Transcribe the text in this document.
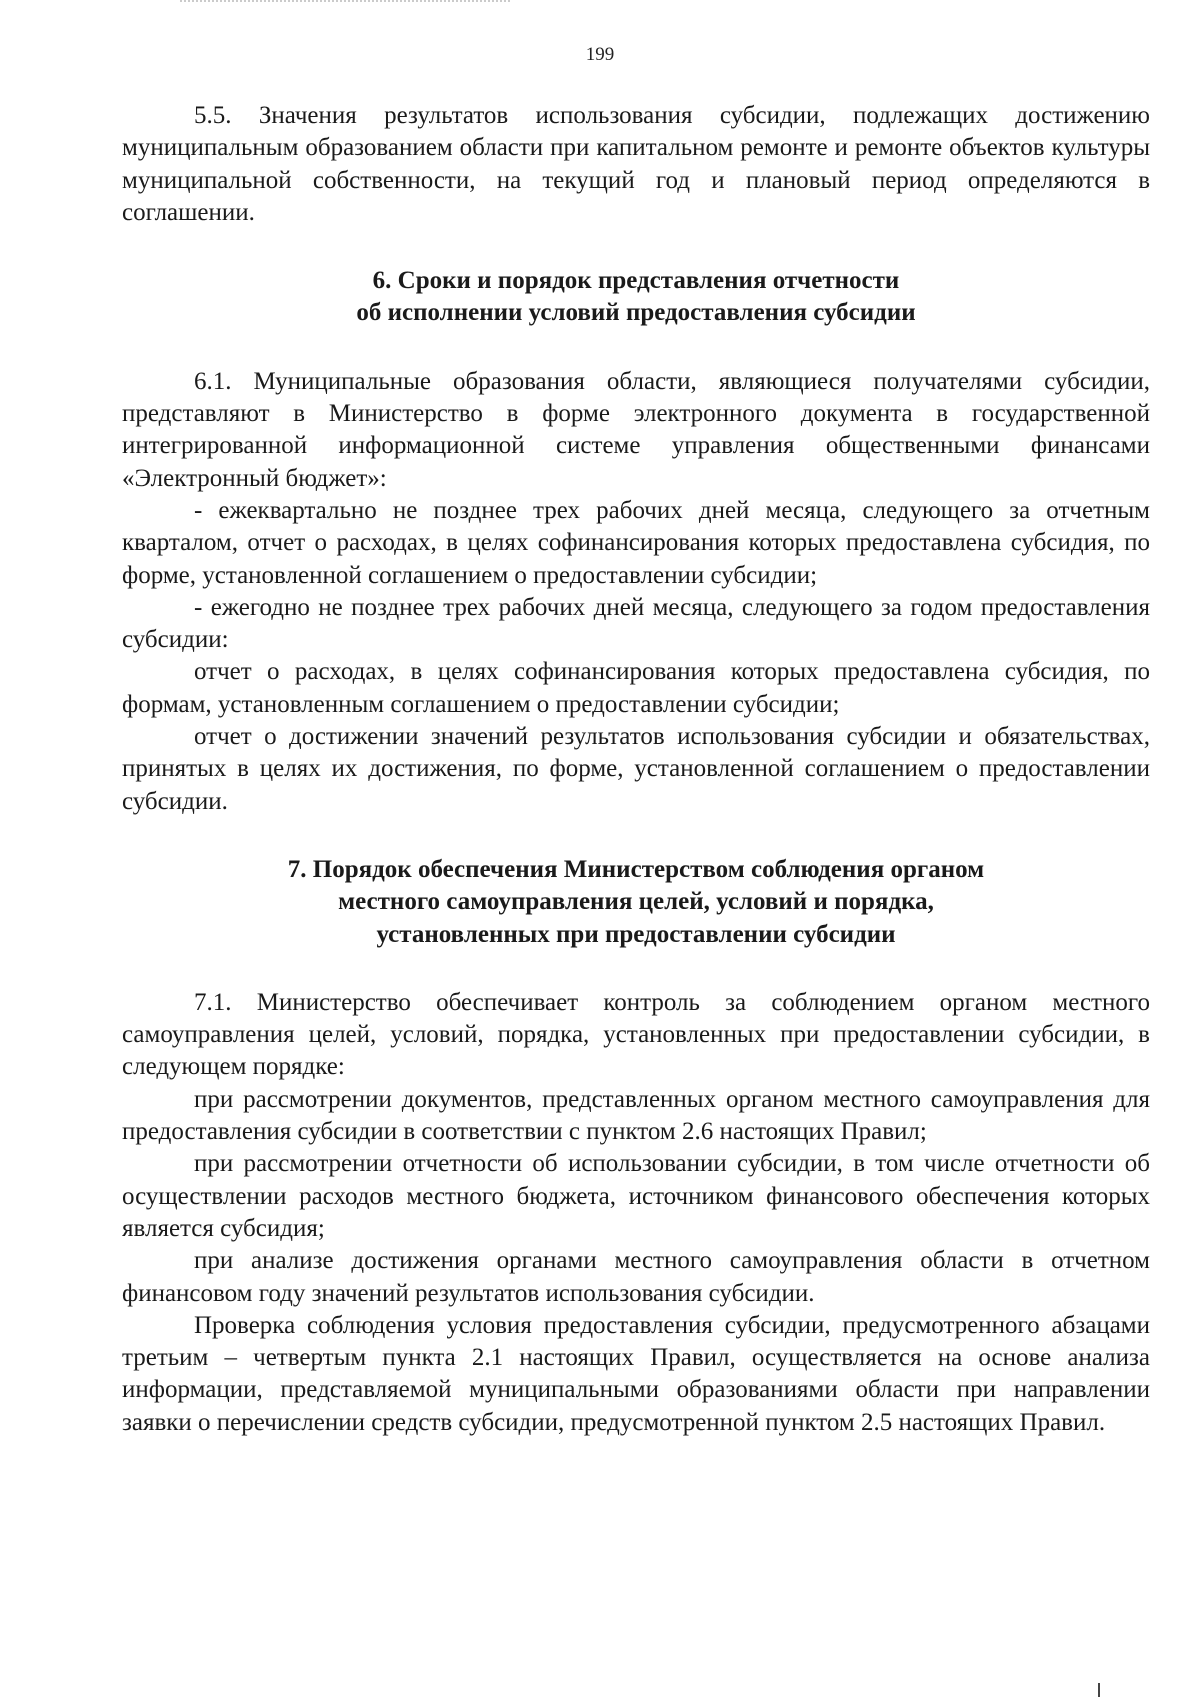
199

5.5. Значения результатов использования субсидии, подлежащих достижению муниципальным образованием области при капитальном ремонте и ремонте объектов культуры муниципальной собственности, на текущий год и плановый период определяются в соглашении.

6. Сроки и порядок представления отчетности
об исполнении условий предоставления субсидии

6.1. Муниципальные образования области, являющиеся получателями субсидии, представляют в Министерство в форме электронного документа в государственной интегрированной информационной системе управления общественными финансами «Электронный бюджет»:

- ежеквартально не позднее трех рабочих дней месяца, следующего за отчетным кварталом, отчет о расходах, в целях софинансирования которых предоставлена субсидия, по форме, установленной соглашением о предоставлении субсидии;

- ежегодно не позднее трех рабочих дней месяца, следующего за годом предоставления субсидии:

отчет о расходах, в целях софинансирования которых предоставлена субсидия, по формам, установленным соглашением о предоставлении субсидии;

отчет о достижении значений результатов использования субсидии и обязательствах, принятых в целях их достижения, по форме, установленной соглашением о предоставлении субсидии.

7. Порядок обеспечения Министерством соблюдения органом
местного самоуправления целей, условий и порядка,
установленных при предоставлении субсидии

7.1. Министерство обеспечивает контроль за соблюдением органом местного самоуправления целей, условий, порядка, установленных при предоставлении субсидии, в следующем порядке:

при рассмотрении документов, представленных органом местного самоупрaвления для предоставления субсидии в соответствии с пунктом 2.6 настоящих Правил;

при рассмотрении отчетности об использовании субсидии, в том числе отчетности об осуществлении расходов местного бюджета, источником финансового обеспечения которых является субсидия;

при анализе достижения органами местного самоуправления области в отчетном финансовом году значений результатов использования субсидии.

Проверка соблюдения условия предоставления субсидии, предусмотренного абзацами третьим – четвертым пункта 2.1 настоящих Правил, осуществляется на основе анализа информации, представляемой муниципальными образованиями области при направлении заявки о перечислении средств субсидии, предусмотренной пунктом 2.5 настоящих Правил.
